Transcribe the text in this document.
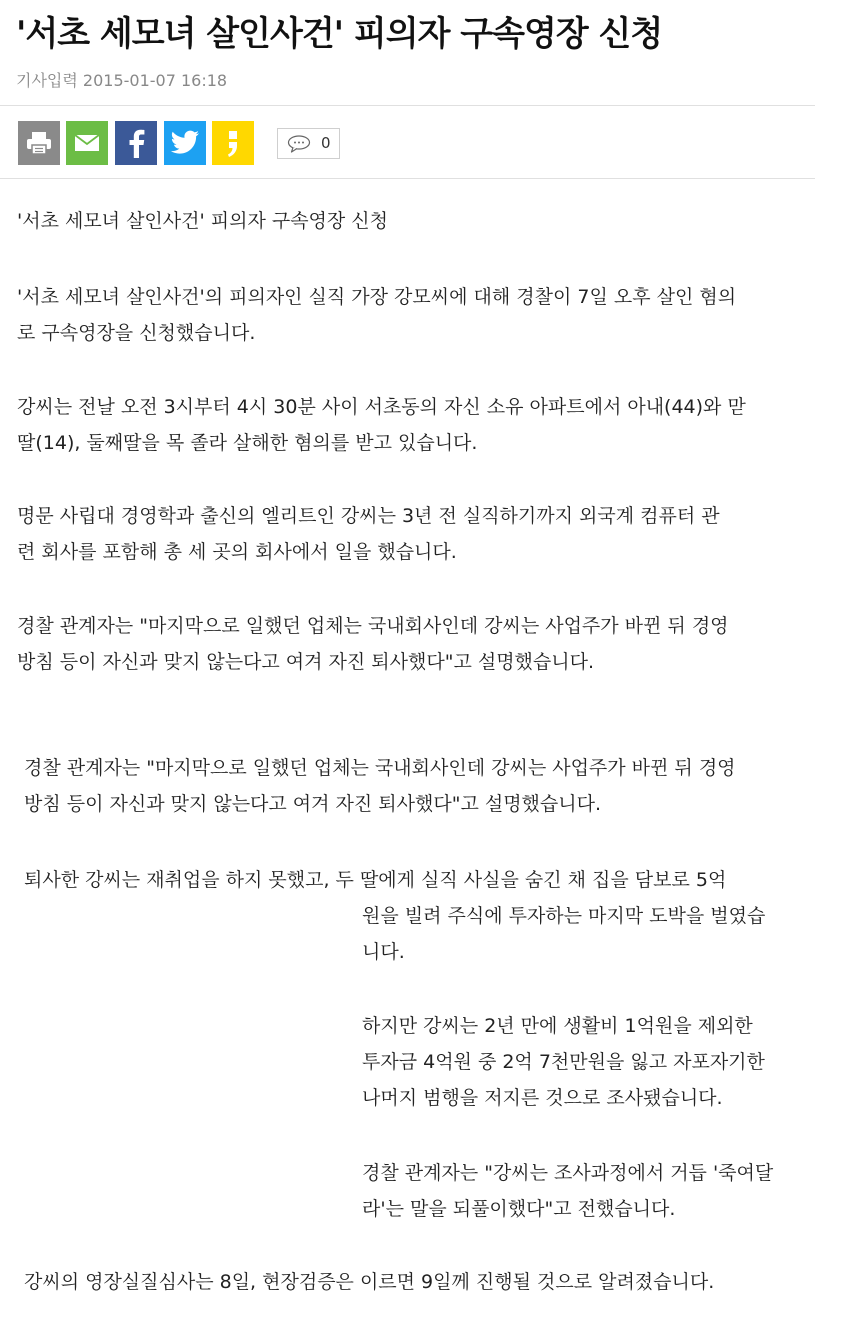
'서초 세모녀 살인사건' 피의자 구속영장 신청
기사입력 2015-01-07 16:18
0
'서초 세모녀 살인사건' 피의자 구속영장 신청
'서초 세모녀 살인사건'의 피의자인 실직 가장 강모씨에 대해 경찰이 7일 오후 살인 혐의
로 구속영장을 신청했습니다.
강씨는 전날 오전 3시부터 4시 30분 사이 서초동의 자신 소유 아파트에서 아내(44)와 맏
딸(14), 둘째딸을 목 졸라 살해한 혐의를 받고 있습니다.
명문 사립대 경영학과 출신의 엘리트인 강씨는 3년 전 실직하기까지 외국계 컴퓨터 관
련 회사를 포함해 총 세 곳의 회사에서 일을 했습니다.
경찰 관계자는 "마지막으로 일했던 업체는 국내회사인데 강씨는 사업주가 바뀐 뒤 경영
방침 등이 자신과 맞지 않는다고 여겨 자진 퇴사했다"고 설명했습니다.
경찰 관계자는 "마지막으로 일했던 업체는 국내회사인데 강씨는 사업주가 바뀐 뒤 경영
방침 등이 자신과 맞지 않는다고 여겨 자진 퇴사했다"고 설명했습니다.
퇴사한 강씨는 재취업을 하지 못했고, 두 딸에게 실직 사실을 숨긴 채 집을 담보로 5억
원을 빌려 주식에 투자하는 마지막 도박을 벌였습
니다.
하지만 강씨는 2년 만에 생활비 1억원을 제외한
투자금 4억원 중 2억 7천만원을 잃고 자포자기한
나머지 범행을 저지른 것으로 조사됐습니다.
경찰 관계자는 "강씨는 조사과정에서 거듭 '죽여달
라'는 말을 되풀이했다"고 전했습니다.
강씨의 영장실질심사는 8일, 현장검증은 이르면 9일께 진행될 것으로 알려졌습니다.
